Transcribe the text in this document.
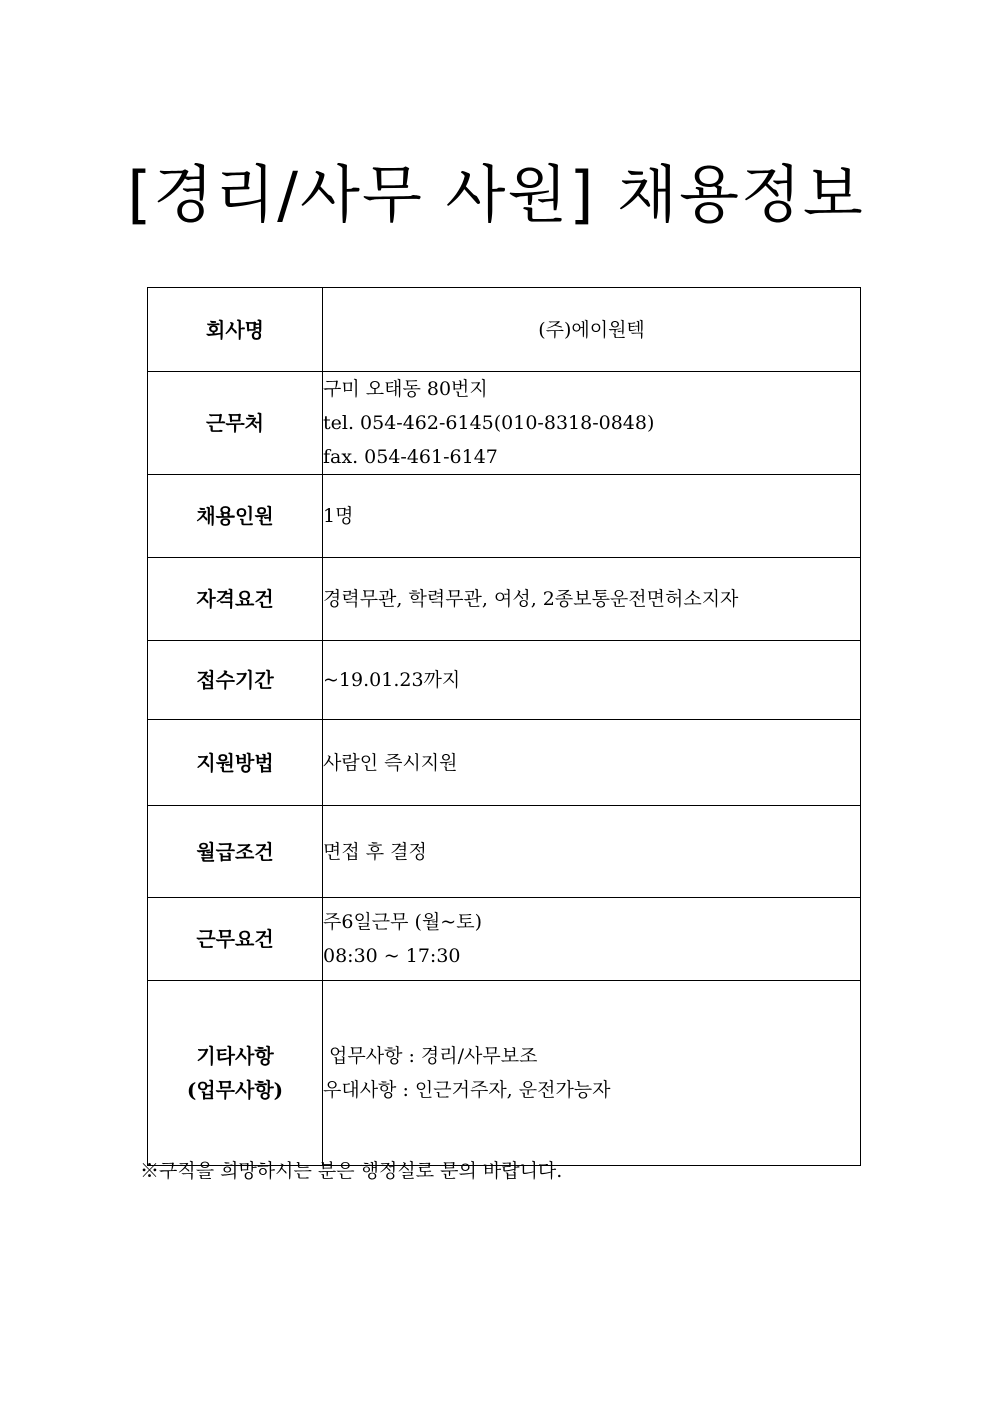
[경리/사무 사원] 채용정보
회사명	(주)에이원텍

근무처	구미 오태동 80번지
tel. 054-462-6145(010-8318-0848)
fax. 054-461-6147

채용인원	1명

자격요건	경력무관, 학력무관, 여성, 2종보통운전면허소지자

접수기간	~19.01.23까지

지원방법	사람인 즉시지원

월급조건	면접 후 결정

근무요건	주6일근무 (월~토)
08:30 ~ 17:30

기타사항
(업무사항)	업무사항 : 경리/사무보조
우대사항 : 인근거주자, 운전가능자
※구직을 희망하시는 분은 행정실로 문의 바랍니다.
